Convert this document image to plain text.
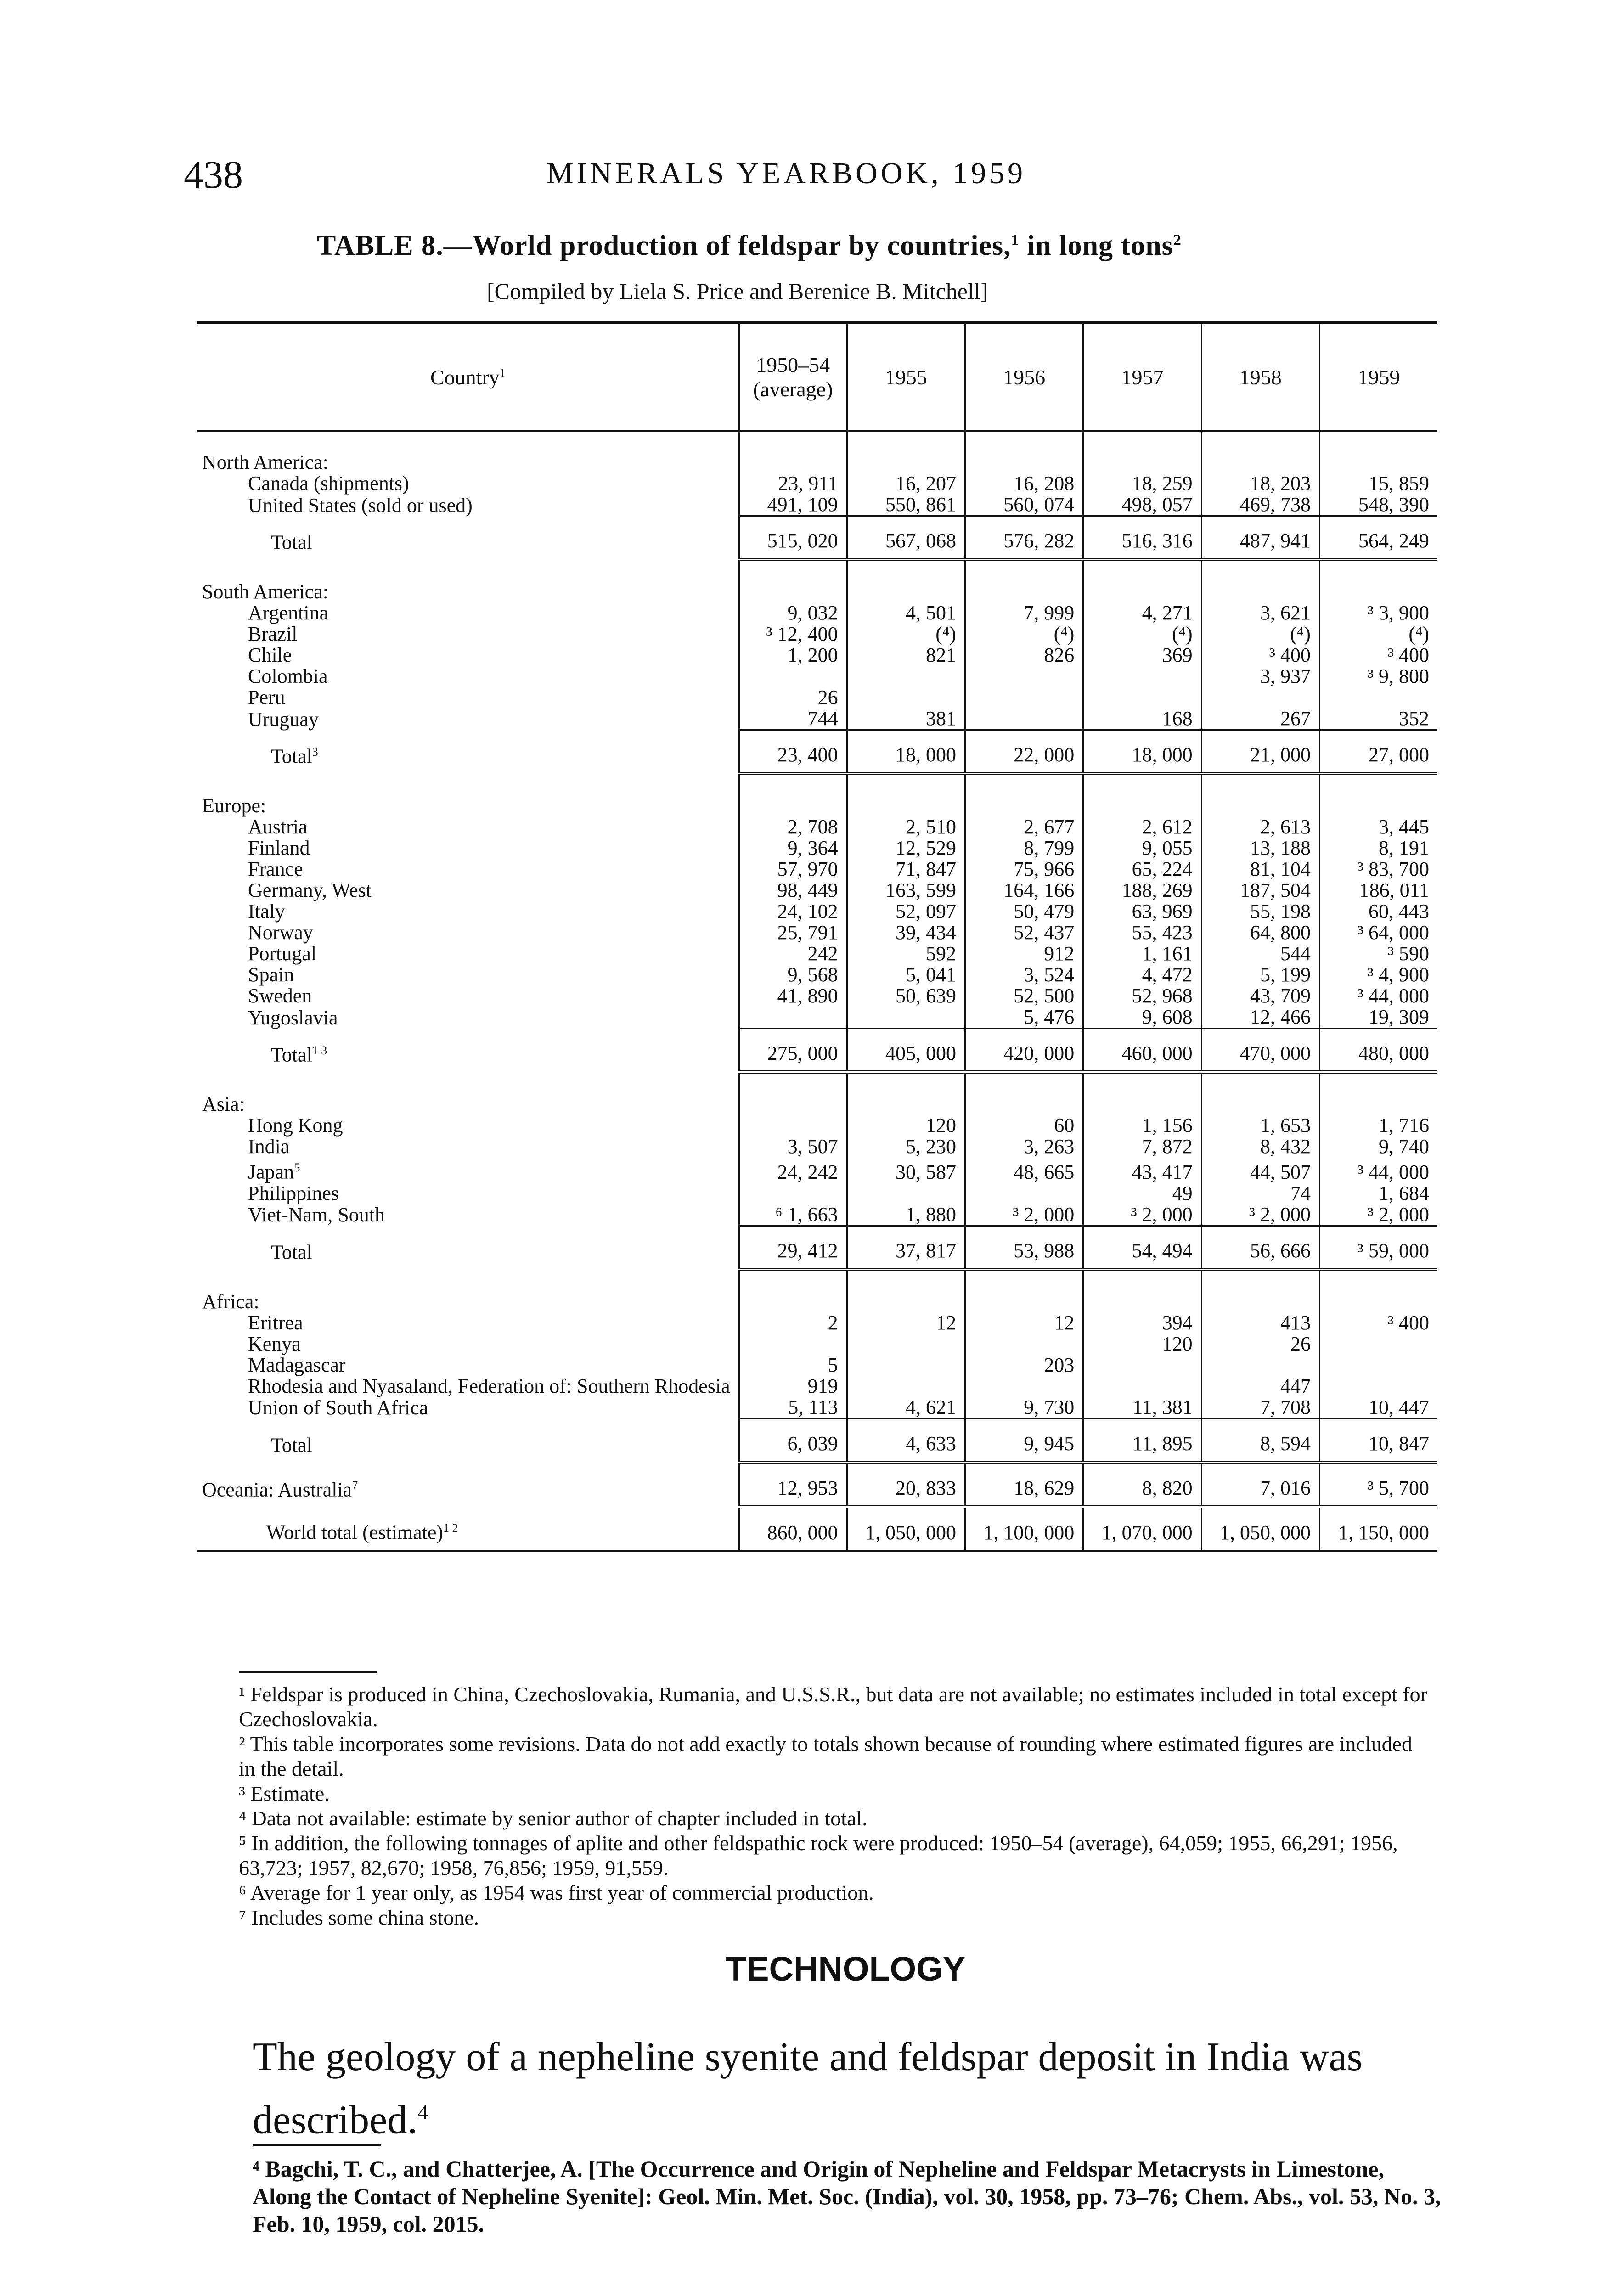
438	MINERALS YEARBOOK, 1959
TABLE 8.—World production of feldspar by countries,$^1$ in long tons$^2$
[Compiled by Liela S. Price and Berenice B. Mitchell]
Country$^1$	1950–54 (average)	1955	1956	1957	1958	1959
North America:						
Canada (shipments)	23, 911	16, 207	16, 208	18, 259	18, 203	15, 859
United States (sold or used)	491, 109	550, 861	560, 074	498, 057	469, 738	548, 390
Total	515, 020	567, 068	576, 282	516, 316	487, 941	564, 249
South America:						
Argentina	9, 032	4, 501	7, 999	4, 271	3, 621	³ 3, 900
Brazil	³ 12, 400	(⁴)	(⁴)	(⁴)	(⁴)	(⁴)
Chile	1, 200	821	826	369	³ 400	³ 400
Colombia					3, 937	³ 9, 800
Peru	26					
Uruguay	744	381		168	267	352
Total$^3$	23, 400	18, 000	22, 000	18, 000	21, 000	27, 000
Europe:						
Austria	2, 708	2, 510	2, 677	2, 612	2, 613	3, 445
Finland	9, 364	12, 529	8, 799	9, 055	13, 188	8, 191
France	57, 970	71, 847	75, 966	65, 224	81, 104	³ 83, 700
Germany, West	98, 449	163, 599	164, 166	188, 269	187, 504	186, 011
Italy	24, 102	52, 097	50, 479	63, 969	55, 198	60, 443
Norway	25, 791	39, 434	52, 437	55, 423	64, 800	³ 64, 000
Portugal	242	592	912	1, 161	544	³ 590
Spain	9, 568	5, 041	3, 524	4, 472	5, 199	³ 4, 900
Sweden	41, 890	50, 639	52, 500	52, 968	43, 709	³ 44, 000
Yugoslavia			5, 476	9, 608	12, 466	19, 309
Total$^{1 3}$	275, 000	405, 000	420, 000	460, 000	470, 000	480, 000
Asia:						
Hong Kong		120	60	1, 156	1, 653	1, 716
India	3, 507	5, 230	3, 263	7, 872	8, 432	9, 740
Japan$^5$	24, 242	30, 587	48, 665	43, 417	44, 507	³ 44, 000
Philippines				49	74	1, 684
Viet-Nam, South	⁶ 1, 663	1, 880	³ 2, 000	³ 2, 000	³ 2, 000	³ 2, 000
Total	29, 412	37, 817	53, 988	54, 494	56, 666	³ 59, 000
Africa:						
Eritrea	2	12	12	394	413	³ 400
Kenya				120	26	
Madagascar	5		203			
Rhodesia and Nyasaland, Federation of: Southern Rhodesia	919				447	
Union of South Africa	5, 113	4, 621	9, 730	11, 381	7, 708	10, 447
Total	6, 039	4, 633	9, 945	11, 895	8, 594	10, 847
Oceania: Australia$^7$	12, 953	20, 833	18, 629	8, 820	7, 016	³ 5, 700
World total (estimate)$^{1 2}$	860, 000	1, 050, 000	1, 100, 000	1, 070, 000	1, 050, 000	1, 150, 000

¹ Feldspar is produced in China, Czechoslovakia, Rumania, and U.S.S.R., but data are not available; no estimates included in total except for Czechoslovakia.

² This table incorporates some revisions. Data do not add exactly to totals shown because of rounding where estimated figures are included in the detail.

³ Estimate.

⁴ Data not available: estimate by senior author of chapter included in total.

⁵ In addition, the following tonnages of aplite and other feldspathic rock were produced: 1950–54 (average), 64,059; 1955, 66,291; 1956, 63,723; 1957, 82,670; 1958, 76,856; 1959, 91,559.

⁶ Average for 1 year only, as 1954 was first year of commercial production.

⁷ Includes some china stone.

TECHNOLOGY
The geology of a nepheline syenite and feldspar deposit in India was described.$^4$
⁴ Bagchi, T. C., and Chatterjee, A. [The Occurrence and Origin of Nepheline and Feldspar Metacrysts in Limestone, Along the Contact of Nepheline Syenite]: Geol. Min. Met. Soc. (India), vol. 30, 1958, pp. 73–76; Chem. Abs., vol. 53, No. 3, Feb. 10, 1959, col. 2015.
